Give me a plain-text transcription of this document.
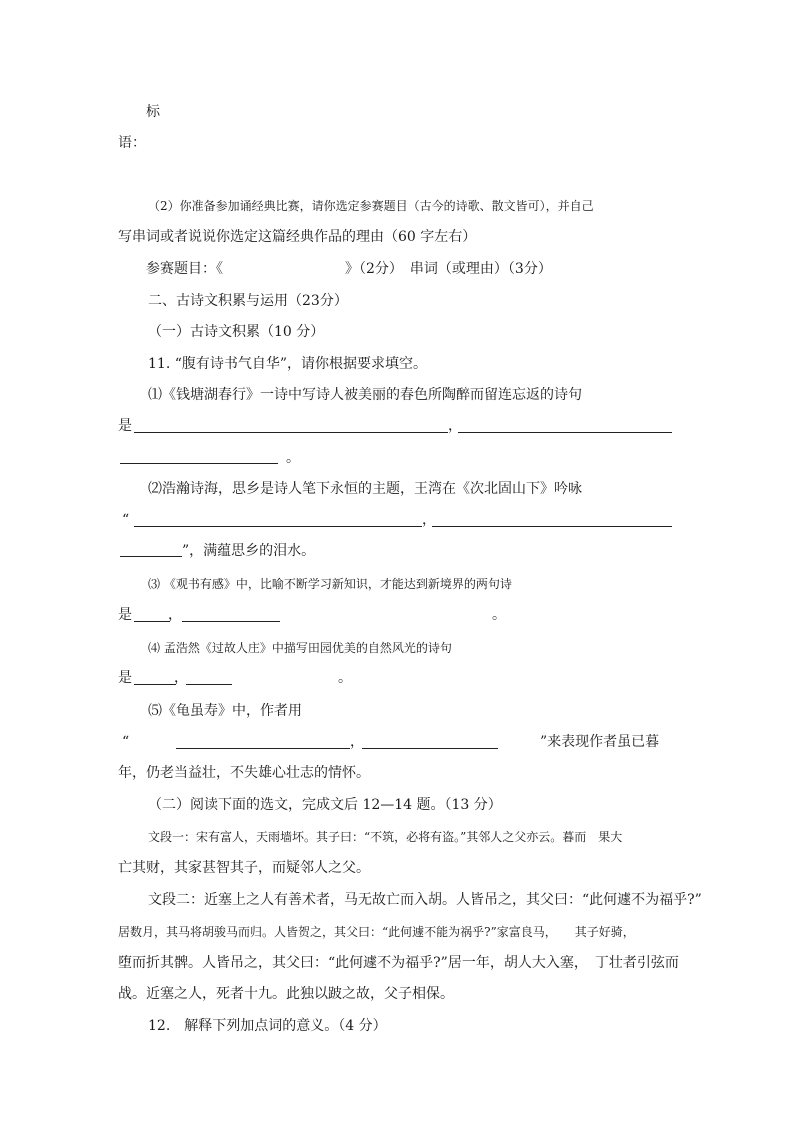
标
语：
（2）你准备参加诵经典比赛，请你选定参赛题目（古今的诗歌、散文皆可），并自己
写串词或者说说你选定这篇经典作品的理由（60 字左右）
参赛题目：《	》（2分）　串词（或理由）（3分）
二、古诗文积累与运用（23分）
（一）古诗文积累（10 分）
11. “腹有诗书气自华”，请你根据要求填空。
⑴《钱塘湖春行》一诗中写诗人被美丽的春色所陶醉而留连忘返的诗句
是	，
。
⑵浩瀚诗海，思乡是诗人笔下永恒的主题，王湾在《次北固山下》吟咏
“	，
”，满蕴思乡的泪水。
⑶ 《观书有感》中，比喻不断学习新知识，才能达到新境界的两句诗
是	，	。
⑷ 孟浩然《过故人庄》中描写田园优美的自然风光的诗句
是	，	。
⑸《龟虽寿》中，作者用
“	，	”来表现作者虽已暮
年，仍老当益壮，不失雄心壮志的情怀。
（二）阅读下面的选文，完成文后 12—14 题。（13 分）
文段一：宋有富人，天雨墙坏。其子曰：“不筑，必将有盗。”其邻人之父亦云。暮而　果大
亡其财，其家甚智其子，而疑邻人之父。
文段二：近塞上之人有善术者，马无故亡而入胡。人皆吊之，其父曰：“此何遽不为福乎?”
居数月，其马将胡骏马而归。人皆贺之，其父曰：“此何遽不能为祸乎?”家富良马，　　其子好骑，
堕而折其髀。人皆吊之，其父曰：“此何遽不为福乎?”居一年，胡人大入塞，　丁壮者引弦而
战。近塞之人，死者十九。此独以跛之故，父子相保。
12.　解释下列加点词的意义。（4 分）
